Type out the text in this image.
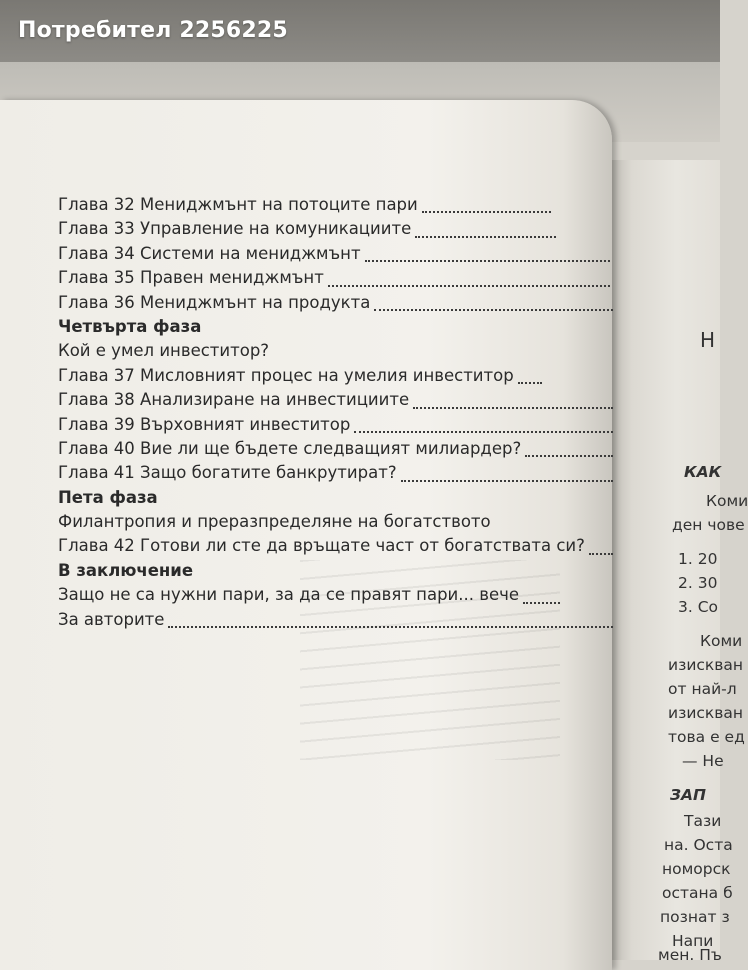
Потребител 2256225
Глава 32 Мениджмънт на потоците пари
Глава 33 Управление на комуникациите
Глава 34 Системи на мениджмънт
Глава 35 Правен мениджмънт
Глава 36 Мениджмънт на продукта
Четвърта фаза
Кой е умел инвеститор?
Глава 37 Мисловният процес на умелия инвеститор
Глава 38 Анализиране на инвестициите
Глава 39 Върховният инвеститор
Глава 40 Вие ли ще бъдете следващият милиардер?
Глава 41 Защо богатите банкрутират?
Пета фаза
Филантропия и преразпределяне на богатството
Глава 42 Готови ли сте да връщате част от богатствата си?
В заключение
Защо не са нужни пари, за да се правят пари... вече
За авторите
Н
КАК
Коми
ден чове
1. 20
2. 30
3. Со
Коми
изискван
от най-л
изискван
това е ед
— Не
ЗАП
Тази
на. Оста
номорск
остана б
познат з
Напи
мен. Пъ
